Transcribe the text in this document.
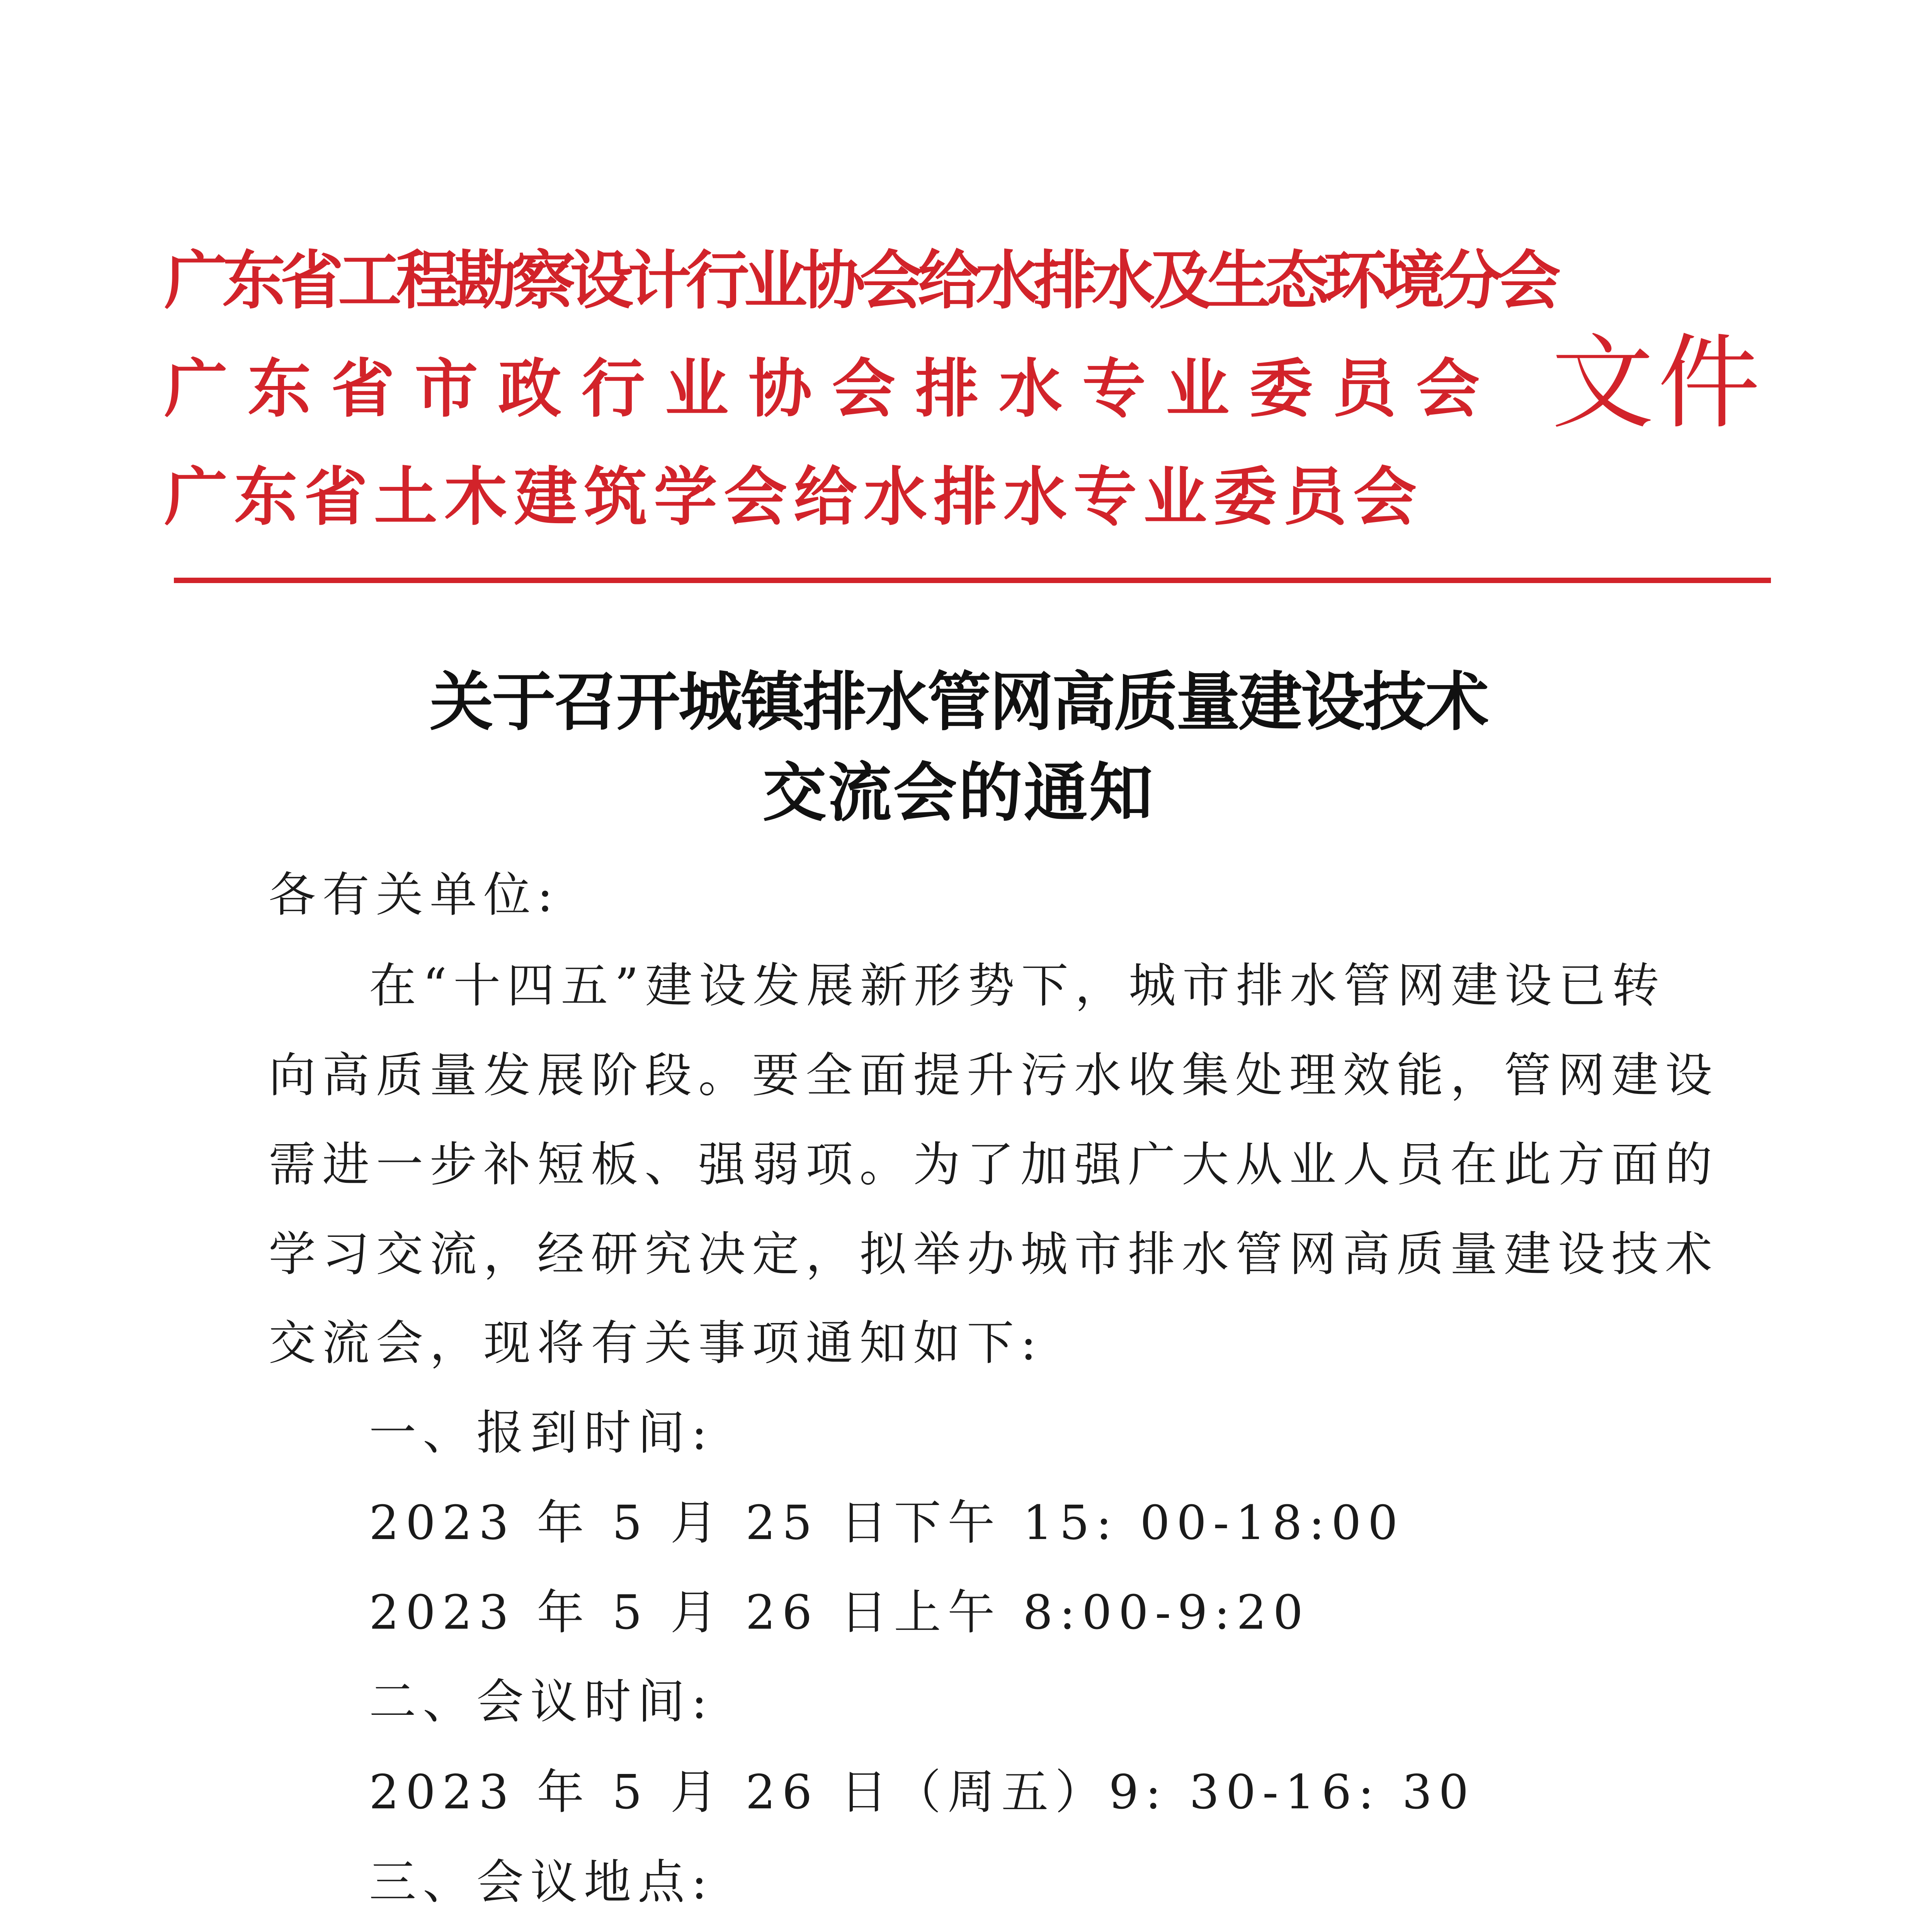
广东省工程勘察设计行业协会给水排水及生态环境分会
广东省市政行业协会排水专业委员会
广东省土木建筑学会给水排水专业委员会
文件
关于召开城镇排水管网高质量建设技术
交流会的通知
各有关单位:
在“十四五”建设发展新形势下，城市排水管网建设已转
向高质量发展阶段。要全面提升污水收集处理效能，管网建设
需进一步补短板、强弱项。为了加强广大从业人员在此方面的
学习交流，经研究决定，拟举办城市排水管网高质量建设技术
交流会，现将有关事项通知如下:
一、报到时间:
2023 年 5 月 25 日下午 15: 00-18:00
2023 年 5 月 26 日上午 8:00-9:20
二、会议时间:
2023 年 5 月 26 日（周五）9: 30-16: 30
三、会议地点:
